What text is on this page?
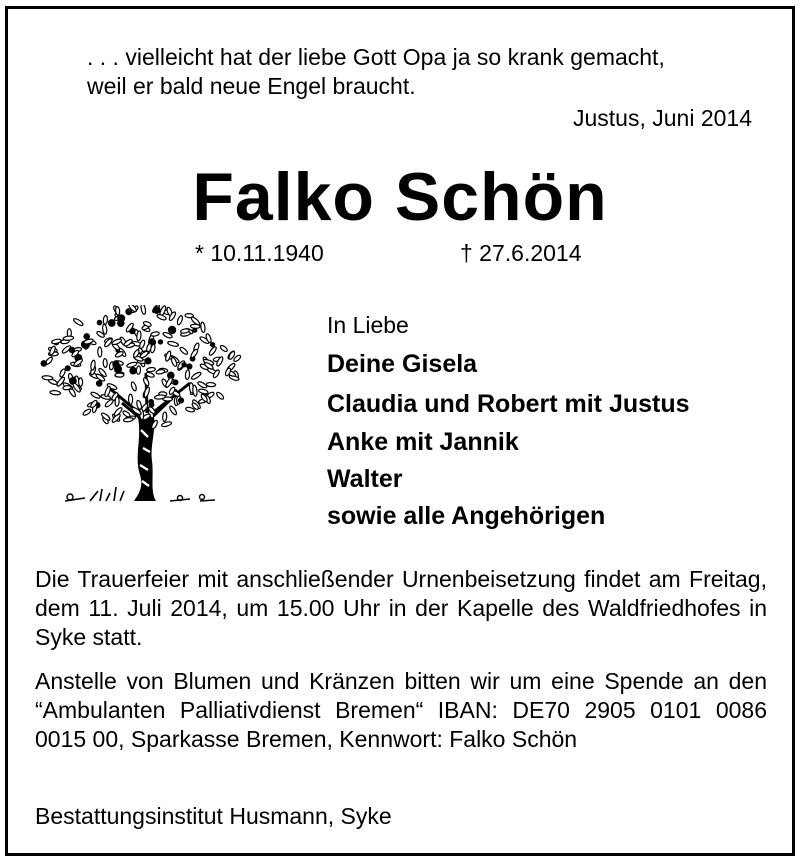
. . . vielleicht hat der liebe Gott Opa ja so krank gemacht,
weil er bald neue Engel braucht.
Justus, Juni 2014
Falko Schön
* 10.11.1940	† 27.6.2014
In Liebe
Deine Gisela
Claudia und Robert mit Justus
Anke mit Jannik
Walter
sowie alle Angehörigen
Die Trauerfeier mit anschließender Urnenbeisetzung findet am Freitag, dem 11. Juli 2014, um 15.00 Uhr in der Kapelle des Waldfriedhofes in Syke statt.
Anstelle von Blumen und Kränzen bitten wir um eine Spende an den “Ambulanten Palliativdienst Bremen“ IBAN: DE70 2905 0101 0086 0015 00, Sparkasse Bremen, Kennwort: Falko Schön
Bestattungsinstitut Husmann, Syke
